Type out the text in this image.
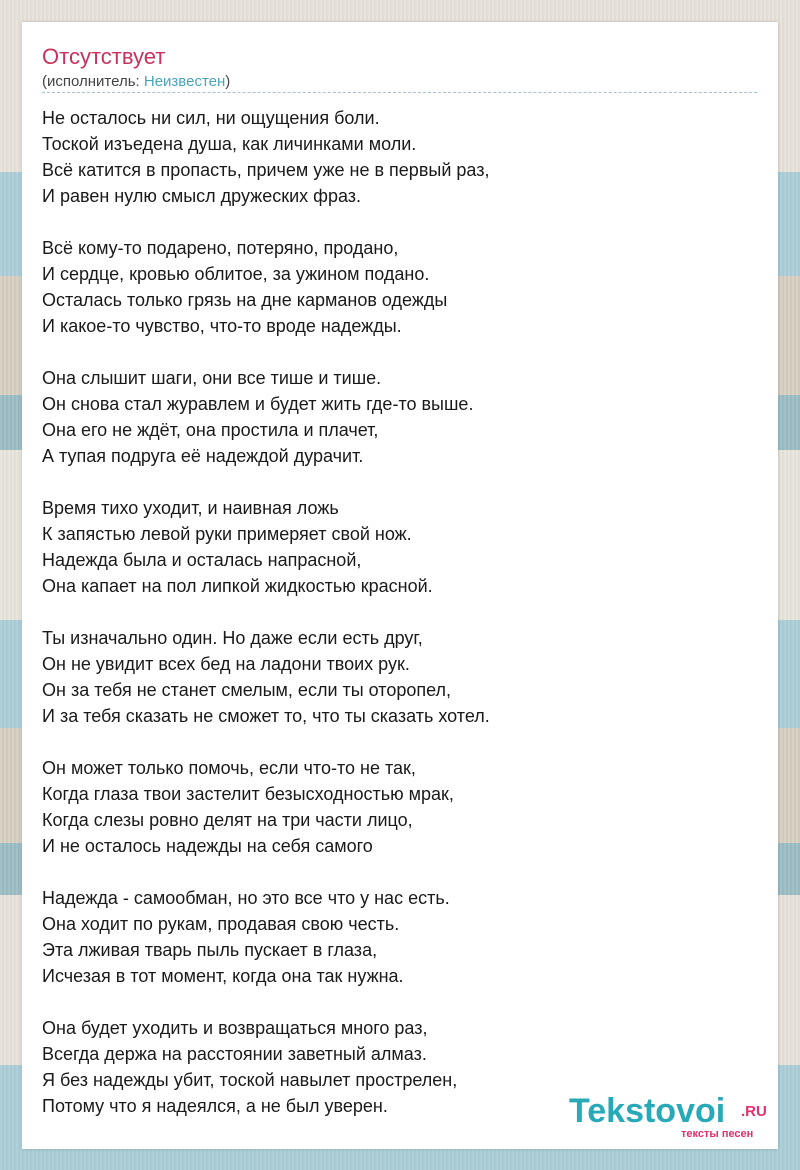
Отсутствует
(исполнитель: Неизвестен)
Не осталось ни сил, ни ощущения боли.
Тоской изъедена душа, как личинками моли.
Всё катится в пропасть, причем уже не в первый раз,
И равен нулю смысл дружеских фраз.
Всё кому-то подарено, потеряно, продано,
И сердце, кровью облитое, за ужином подано.
Осталась только грязь на дне карманов одежды
И какое-то чувство, что-то вроде надежды.
Она слышит шаги, они все тише и тише.
Он снова стал журавлем и будет жить где-то выше.
Она его не ждёт, она простила и плачет,
А тупая подруга её надеждой дурачит.
Время тихо уходит, и наивная ложь
К запястью левой руки примеряет свой нож.
Надежда была и осталась напрасной,
Она капает на пол липкой жидкостью красной.
Ты изначально один. Но даже если есть друг,
Он не увидит всех бед на ладони твоих рук.
Он за тебя не станет смелым, если ты оторопел,
И за тебя сказать не сможет то, что ты сказать хотел.
Он может только помочь, если что-то не так,
Когда глаза твои застелит безысходностью мрак,
Когда слезы ровно делят на три части лицо,
И не осталось надежды на себя самого
Надежда - самообман, но это все что у нас есть.
Она ходит по рукам, продавая свою честь.
Эта лживая тварь пыль пускает в глаза,
Исчезая в тот момент, когда она так нужна.
Она будет уходить и возвращаться много раз,
Всегда держа на расстоянии заветный алмаз.
Я без надежды убит, тоской навылет прострелен,
Потому что я надеялся, а не был уверен.	Tekstovoi .RU
тексты песен
